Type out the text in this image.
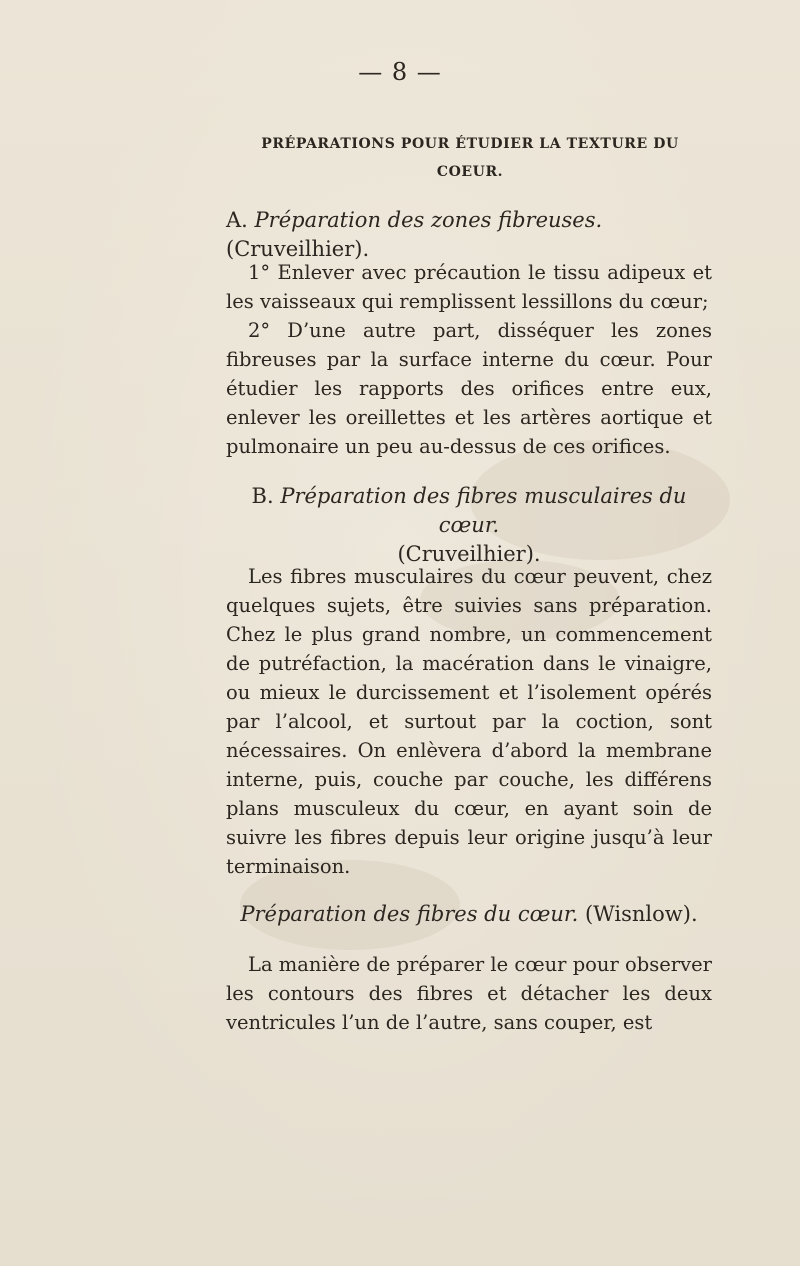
— 8 —
PRÉPARATIONS POUR ÉTUDIER LA TEXTURE DU
COEUR.
A. Préparation des zones fibreuses. (Cruveilhier).

1° Enlever avec précaution le tissu adipeux et les vaisseaux qui remplissent lessillons du cœur;

2° D’une autre part, disséquer les zones fibreuses par la surface interne du cœur. Pour étudier les rapports des orifices entre eux, enlever les oreillettes et les artères aortique et pulmonaire un peu au-dessus de ces orifices.

B. Préparation des fibres musculaires du cœur.
(Cruveilhier).

Les fibres musculaires du cœur peuvent, chez quelques sujets, être suivies sans préparation. Chez le plus grand nombre, un commencement de putréfaction, la macération dans le vinaigre, ou mieux le durcissement et l’isolement opérés par l’alcool, et surtout par la coction, sont nécessaires. On enlèvera d’abord la membrane interne, puis, couche par couche, les différens plans musculeux du cœur, en ayant soin de suivre les fibres depuis leur origine jusqu’à leur terminaison.

Préparation des fibres du cœur. (Wisnlow).

La manière de préparer le cœur pour observer les contours des fibres et détacher les deux ventricules l’un de l’autre, sans couper, est
